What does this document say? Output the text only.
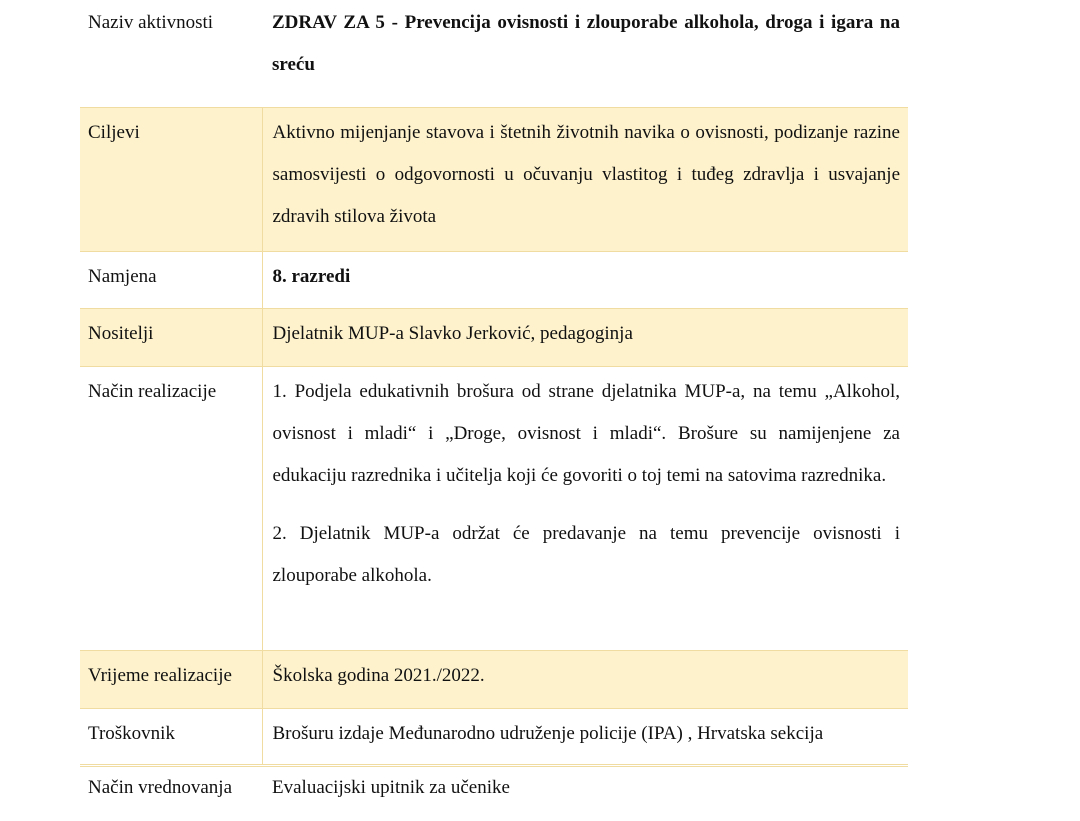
Naziv aktivnosti	ZDRAV ZA 5 - Prevencija ovisnosti i zlouporabe alkohola, droga i igara na sreću

Ciljevi	Aktivno mijenjanje stavova i štetnih životnih navika o ovisnosti, podizanje razine samosvijesti o odgovornosti u očuvanju vlastitog i tuđeg zdravlja i usvajanje zdravih stilova života

Namjena	8. razredi

Nositelji	Djelatnik MUP-a Slavko Jerković, pedagoginja

Način realizacije	1. Podjela edukativnih brošura od strane djelatnika MUP-a, na temu „Alkohol, ovisnost i mladi“ i „Droge, ovisnost i mladi“. Brošure su namijenjene za edukaciju razrednika i učitelja koji će govoriti o toj temi na satovima razrednika.
2. Djelatnik MUP-a održat će predavanje na temu prevencije ovisnosti i zlouporabe alkohola.

Vrijeme realizacije	Školska godina 2021./2022.

Troškovnik	Brošuru izdaje Međunarodno udruženje policije (IPA) , Hrvatska sekcija

Način vrednovanja	Evaluacijski upitnik za učenike
